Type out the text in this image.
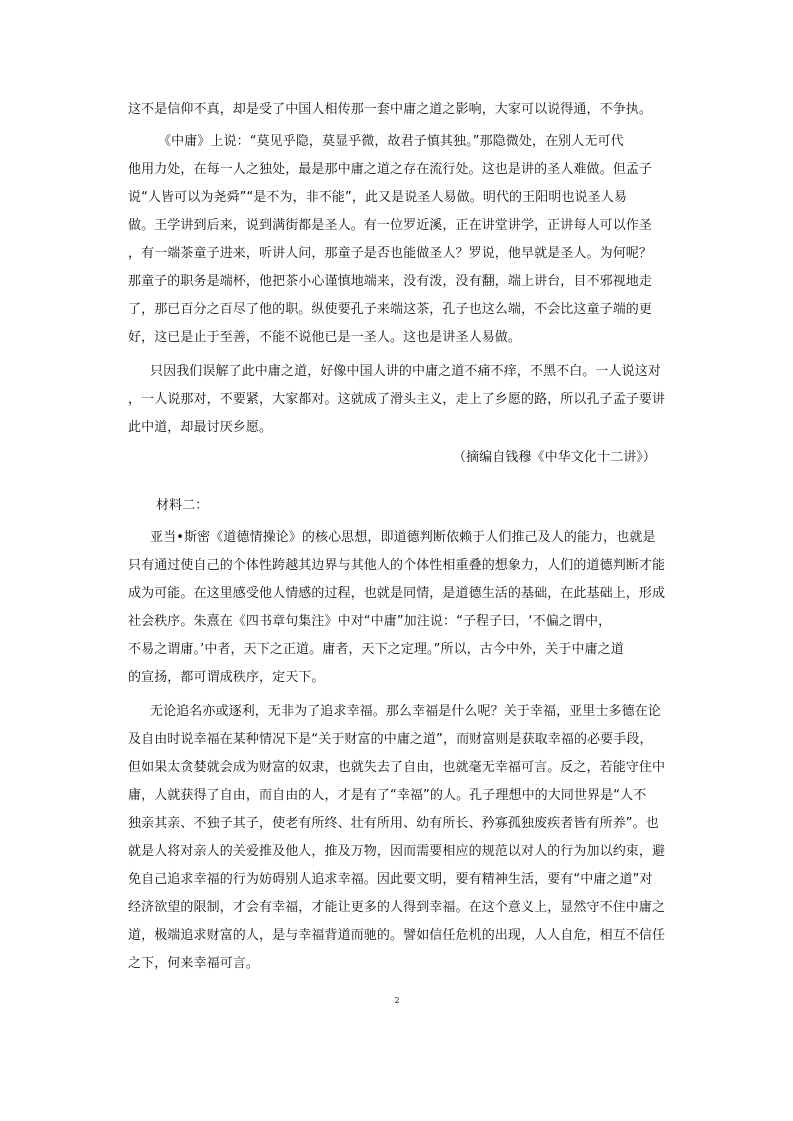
这不是信仰不真，却是受了中国人相传那一套中庸之道之影响，大家可以说得通，不争执。
《中庸》上说：“莫见乎隐，莫显乎微，故君子慎其独。”那隐微处，在别人无可代
他用力处，在每一人之独处，最是那中庸之道之存在流行处。这也是讲的圣人难做。但孟子
说“人皆可以为尧舜”“是不为，非不能”，此又是说圣人易做。明代的王阳明也说圣人易
做。王学讲到后来，说到满街都是圣人。有一位罗近溪，正在讲堂讲学，正讲每人可以作圣
，有一端茶童子进来，听讲人问，那童子是否也能做圣人？罗说，他早就是圣人。为何呢？
那童子的职务是端杯，他把茶小心谨慎地端来，没有泼，没有翻，端上讲台，目不邪视地走
了，那已百分之百尽了他的职。纵使要孔子来端这茶，孔子也这么端，不会比这童子端的更
好，这已是止于至善，不能不说他已是一圣人。这也是讲圣人易做。
只因我们误解了此中庸之道，好像中国人讲的中庸之道不痛不痒，不黑不白。一人说这对
，一人说那对，不要紧，大家都对。这就成了滑头主义，走上了乡愿的路，所以孔子孟子要讲
此中道，却最讨厌乡愿。
（摘编自钱穆《中华文化十二讲》）
材料二：
亚当•斯密《道德情操论》的核心思想，即道德判断依赖于人们推己及人的能力，也就是
只有通过使自己的个体性跨越其边界与其他人的个体性相重叠的想象力，人们的道德判断才能
成为可能。在这里感受他人情感的过程，也就是同情，是道德生活的基础，在此基础上，形成
社会秩序。朱熹在《四书章句集注》中对“中庸”加注说：“子程子曰，‘不偏之谓中，
不易之谓庸。’中者，天下之正道。庸者，天下之定理。”所以，古今中外，关于中庸之道
的宣扬，都可谓成秩序，定天下。
无论追名亦或逐利，无非为了追求幸福。那么幸福是什么呢？关于幸福，亚里士多德在论
及自由时说幸福在某种情况下是“关于财富的中庸之道”，而财富则是获取幸福的必要手段，
但如果太贪婪就会成为财富的奴隶，也就失去了自由，也就毫无幸福可言。反之，若能守住中
庸，人就获得了自由，而自由的人，才是有了“幸福”的人。孔子理想中的大同世界是“人不
独亲其亲、不独子其子，使老有所终、壮有所用、幼有所长、矜寡孤独废疾者皆有所养”。也
就是人将对亲人的关爱推及他人，推及万物，因而需要相应的规范以对人的行为加以约束，避
免自己追求幸福的行为妨碍别人追求幸福。因此要文明，要有精神生活，要有“中庸之道”对
经济欲望的限制，才会有幸福，才能让更多的人得到幸福。在这个意义上，显然守不住中庸之
道，极端追求财富的人，是与幸福背道而驰的。譬如信任危机的出现，人人自危，相互不信任
之下，何来幸福可言。
2
